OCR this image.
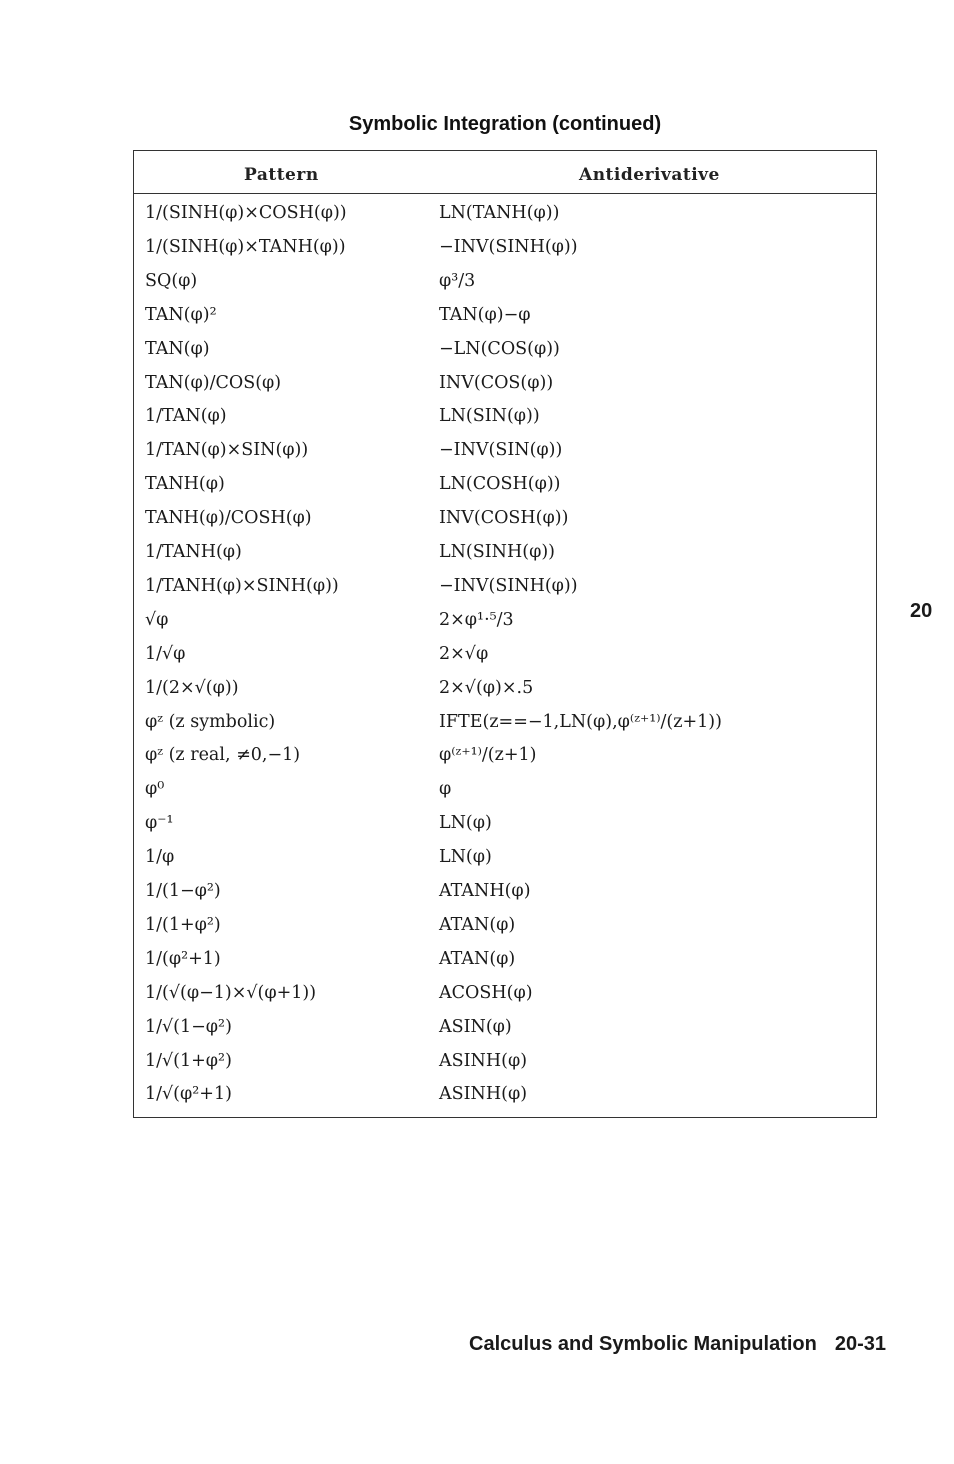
Symbolic Integration (continued)
Pattern	Antiderivative
1/(SINH(φ)×COSH(φ))	LN(TANH(φ))
1/(SINH(φ)×TANH(φ))	−INV(SINH(φ))
SQ(φ)	φ³/3
TAN(φ)²	TAN(φ)−φ
TAN(φ)	−LN(COS(φ))
TAN(φ)/COS(φ)	INV(COS(φ))
1/TAN(φ)	LN(SIN(φ))
1/TAN(φ)×SIN(φ))	−INV(SIN(φ))
TANH(φ)	LN(COSH(φ))
TANH(φ)/COSH(φ)	INV(COSH(φ))
1/TANH(φ)	LN(SINH(φ))
1/TANH(φ)×SINH(φ))	−INV(SINH(φ))
√φ	2×φ¹·⁵/3
1/√φ	2×√φ
1/(2×√(φ))	2×√(φ)×.5
φᶻ (z symbolic)	IFTE(z==−1,LN(φ),φ⁽ᶻ⁺¹⁾/(z+1))
φᶻ (z real, ≠0,−1)	φ⁽ᶻ⁺¹⁾/(z+1)
φ⁰	φ
φ⁻¹	LN(φ)
1/φ	LN(φ)
1/(1−φ²)	ATANH(φ)
1/(1+φ²)	ATAN(φ)
1/(φ²+1)	ATAN(φ)
1/(√(φ−1)×√(φ+1))	ACOSH(φ)
1/√(1−φ²)	ASIN(φ)
1/√(1+φ²)	ASINH(φ)
1/√(φ²+1)	ASINH(φ)
20
Calculus and Symbolic Manipulation 20-31
